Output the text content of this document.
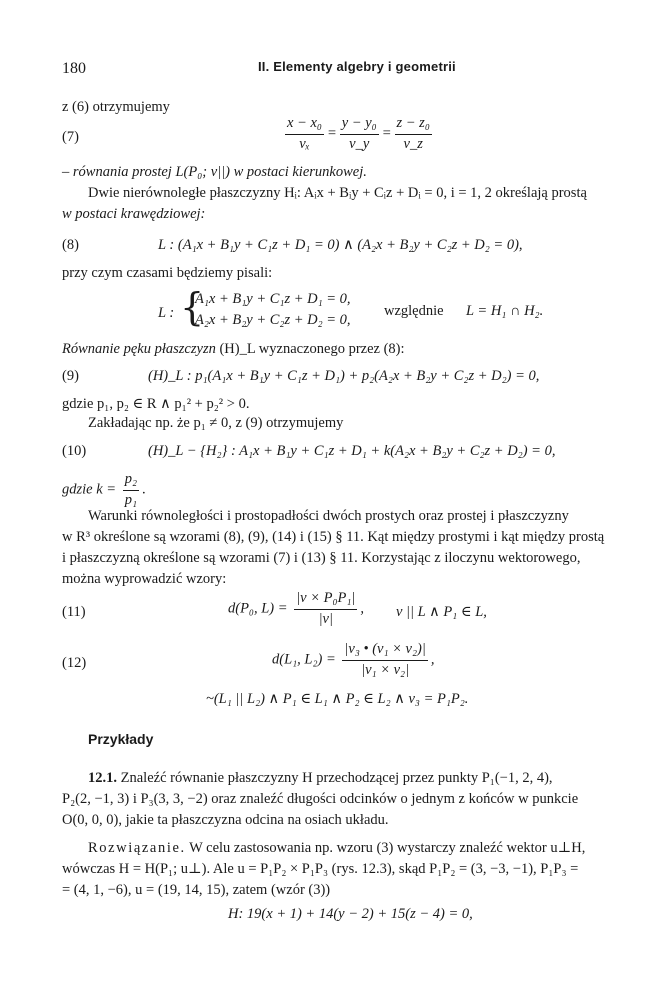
180	II. Elementy algebry i geometrii
z (6) otrzymujemy
(7)	$\frac{\text{x − x₀}}{\text{vₓ}} = \frac{\text{y − y₀}}{v\_y} = \frac{\text{z − z₀}}{v\_z}$
– równania prostej L(P₀; v||) w postaci kierunkowej.
Dwie nierównoległe płaszczyzny Hᵢ: Aᵢx + Bᵢy + Cᵢz + Dᵢ = 0, i = 1, 2 określają prostą
w postaci krawędziowej:
(8)	L : (A₁x + B₁y + C₁z + D₁ = 0) ∧ (A₂x + B₂y + C₂z + D₂ = 0),
przy czym czasami będziemy pisali:
L : {
A₁x + B₁y + C₁z + D₁ = 0,
A₂x + B₂y + C₂z + D₂ = 0,
względnie L = H₁ ∩ H₂.
Równanie pęku płaszczyzn (H)_L wyznaczonego przez (8):
(9)	(H)_L : p₁(A₁x + B₁y + C₁z + D₁) + p₂(A₂x + B₂y + C₂z + D₂) = 0,
gdzie p₁, p₂ ∈ R ∧ p₁² + p₂² > 0.
Zakładając np. że p₁ ≠ 0, z (9) otrzymujemy
(10)	(H)_L − {H₂} : A₁x + B₁y + C₁z + D₁ + k(A₂x + B₂y + C₂z + D₂) = 0,
gdzie $k = \frac{\text{p₂}}{\text{p₁}}$ .
Warunki równoległości i prostopadłości dwóch prostych oraz prostej i płaszczyzny
w R³ określone są wzorami (8), (9), (14) i (15) § 11. Kąt między prostymi i kąt między prostą
i płaszczyzną określone są wzorami (7) i (13) § 11. Korzystając z iloczynu wektorowego,
można wyprowadzić wzory:
(11)	d(P₀, $L) = \frac{\text{|v × P₀P₁|}}{|v|}$ , v || L ∧ P₁ ∈ L,
(12)	d(L₁, $L_2) = \frac{\text{|v₃ • (v₁ × v₂)|}}{\text{|v₁ × v₂|}}$ ,
~(L₁ || L₂) ∧ P₁ ∈ L₁ ∧ P₂ ∈ L₂ ∧ v₃ = P₁P₂.
Przykłady
12.1. Znaleźć równanie płaszczyzny H przechodzącej przez punkty P₁(−1, 2, 4),
P₂(2, −1, 3) i P₃(3, 3, −2) oraz znaleźć długości odcinków o jednym z końców w punkcie
O(0, 0, 0), jakie ta płaszczyzna odcina na osiach układu.
Rozwiązanie. W celu zastosowania np. wzoru (3) wystarczy znaleźć wektor u⊥H,
wówczas H = H(P₁; u⊥). Ale u = P₁P₂ × P₁P₃ (rys. 12.3), skąd P₁P₂ = (3, −3, −1), P₁P₃ =
= (4, 1, −6), u = (19, 14, 15), zatem (wzór (3))
H: 19(x + 1) + 14(y − 2) + 15(z − 4) = 0,
